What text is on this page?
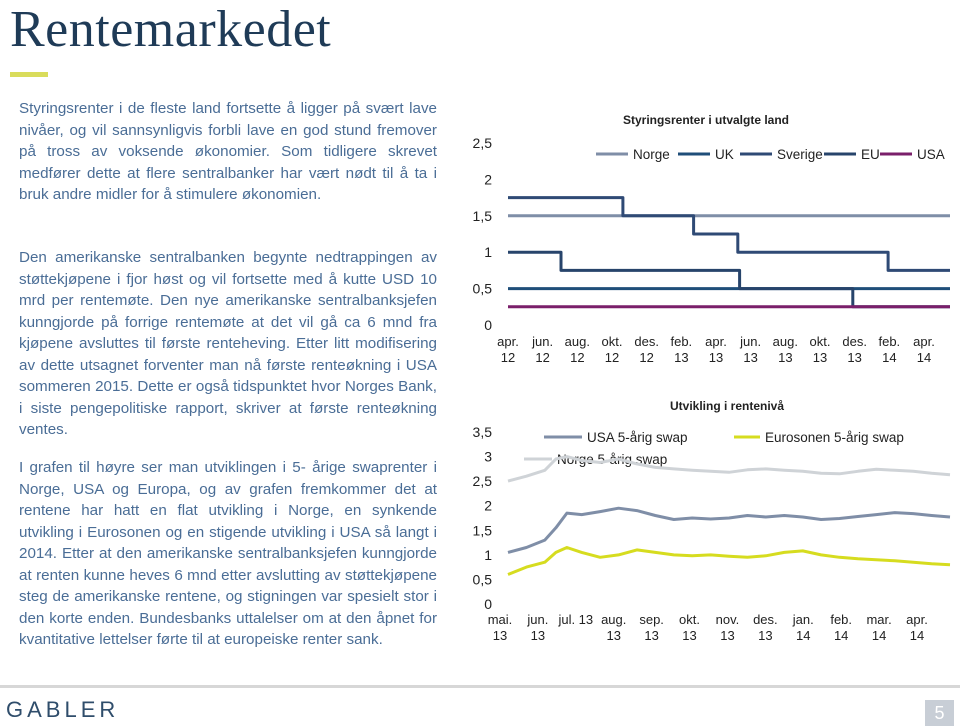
Rentemarkedet

Styringsrenter i de fleste land fortsette å ligger på svært lave nivåer, og vil sannsynligvis forbli lave en god stund fremover på tross av voksende økonomier. Som tidligere skrevet medfører dette at flere sentralbanker har vært nødt til å ta i bruk andre midler for å stimulere økonomien.

Den amerikanske sentralbanken begynte nedtrappingen av støttekjøpene i fjor høst og vil fortsette med å kutte USD 10 mrd per rentemøte. Den nye amerikanske sentralbanksjefen kunngjorde på forrige rentemøte at det vil gå ca 6 mnd fra kjøpene avsluttes til første renteheving. Etter litt modifisering av dette utsagnet forventer man nå første renteøkning i USA sommeren 2015. Dette er også tidspunktet hvor Norges Bank, i siste pengepolitiske rapport, skriver at første renteøkning ventes.

I grafen til høyre ser man utviklingen i 5- årige swaprenter i Norge, USA og Europa, og av grafen fremkommer det at rentene har hatt en flat utvikling i Norge, en synkende utvikling i Eurosonen og en stigende utvikling i USA så langt i 2014. Etter at den amerikanske sentralbanksjefen kunngjorde at renten kunne heves 6 mnd etter avslutting av støttekjøpene steg de amerikanske rentene, og stigningen var spesielt stor i den korte enden. Bundesbanks uttalelser om at den åpnet for kvantitative lettelser førte til at europeiske renter sank.

Styringsrenter i utvalgte land
2,5
2
1,5
1
0,5
0
apr. 12
jun. 12
aug. 12
okt. 12
des. 12
feb. 13
apr. 13
jun. 13
aug. 13
okt. 13
des. 13
feb. 14
apr. 14
Norge	UK	Sverige	EU	USA
Utvikling i rentenivå
3,5
3
2,5
2
1,5
1
0,5
0
mai. 13
jun. 13
jul. 13 aug. 13
sep. 13
okt. 13
nov. 13
des. 13
jan. 14
feb. 14
mar. 14
apr. 14
USA 5-årig swap	Eurosonen 5-årig swap
Norge 5-årig swap
GABLER	5
